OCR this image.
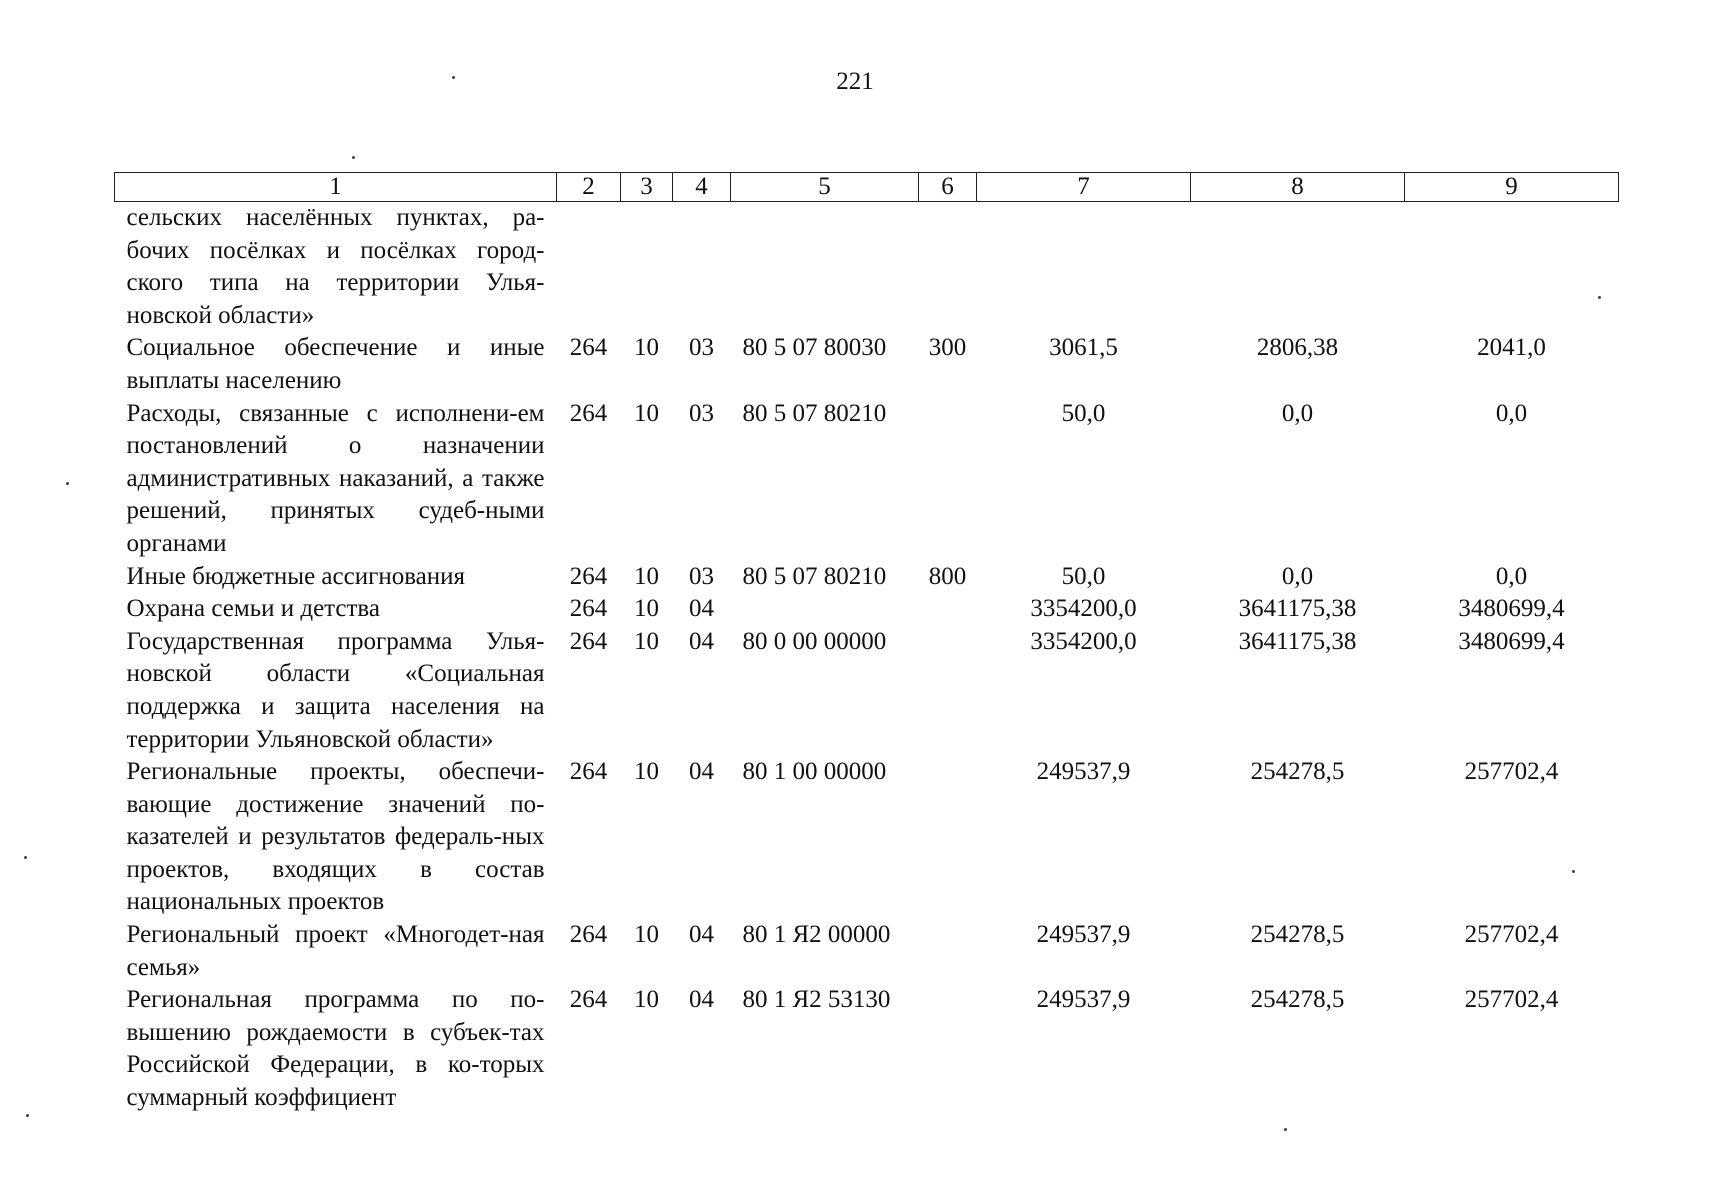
221
1	2	3	4	5	6	7	8	9
сельских населённых пунктах, ра-бочих посёлках и посёлках город-ского типа на территории Улья-новской области»								
Социальное обеспечение и иные выплаты населению	264	10	03	80 5 07 80030	300	3061,5	2806,38	2041,0
Расходы, связанные с исполнени-ем постановлений о назначении административных наказаний, а также решений, принятых судеб-ными органами	264	10	03	80 5 07 80210		50,0	0,0	0,0
Иные бюджетные ассигнования	264	10	03	80 5 07 80210	800	50,0	0,0	0,0
Охрана семьи и детства	264	10	04			3354200,0	3641175,38	3480699,4
Государственная программа Улья-новской области «Социальная поддержка и защита населения на территории Ульяновской области»	264	10	04	80 0 00 00000		3354200,0	3641175,38	3480699,4
Региональные проекты, обеспечи-вающие достижение значений по-казателей и результатов федераль-ных проектов, входящих в состав национальных проектов	264	10	04	80 1 00 00000		249537,9	254278,5	257702,4
Региональный проект «Многодет-ная семья»	264	10	04	80 1 Я2 00000		249537,9	254278,5	257702,4
Региональная программа по по-вышению рождаемости в субъек-тах Российской Федерации, в ко-торых суммарный коэффициент	264	10	04	80 1 Я2 53130		249537,9	254278,5	257702,4
